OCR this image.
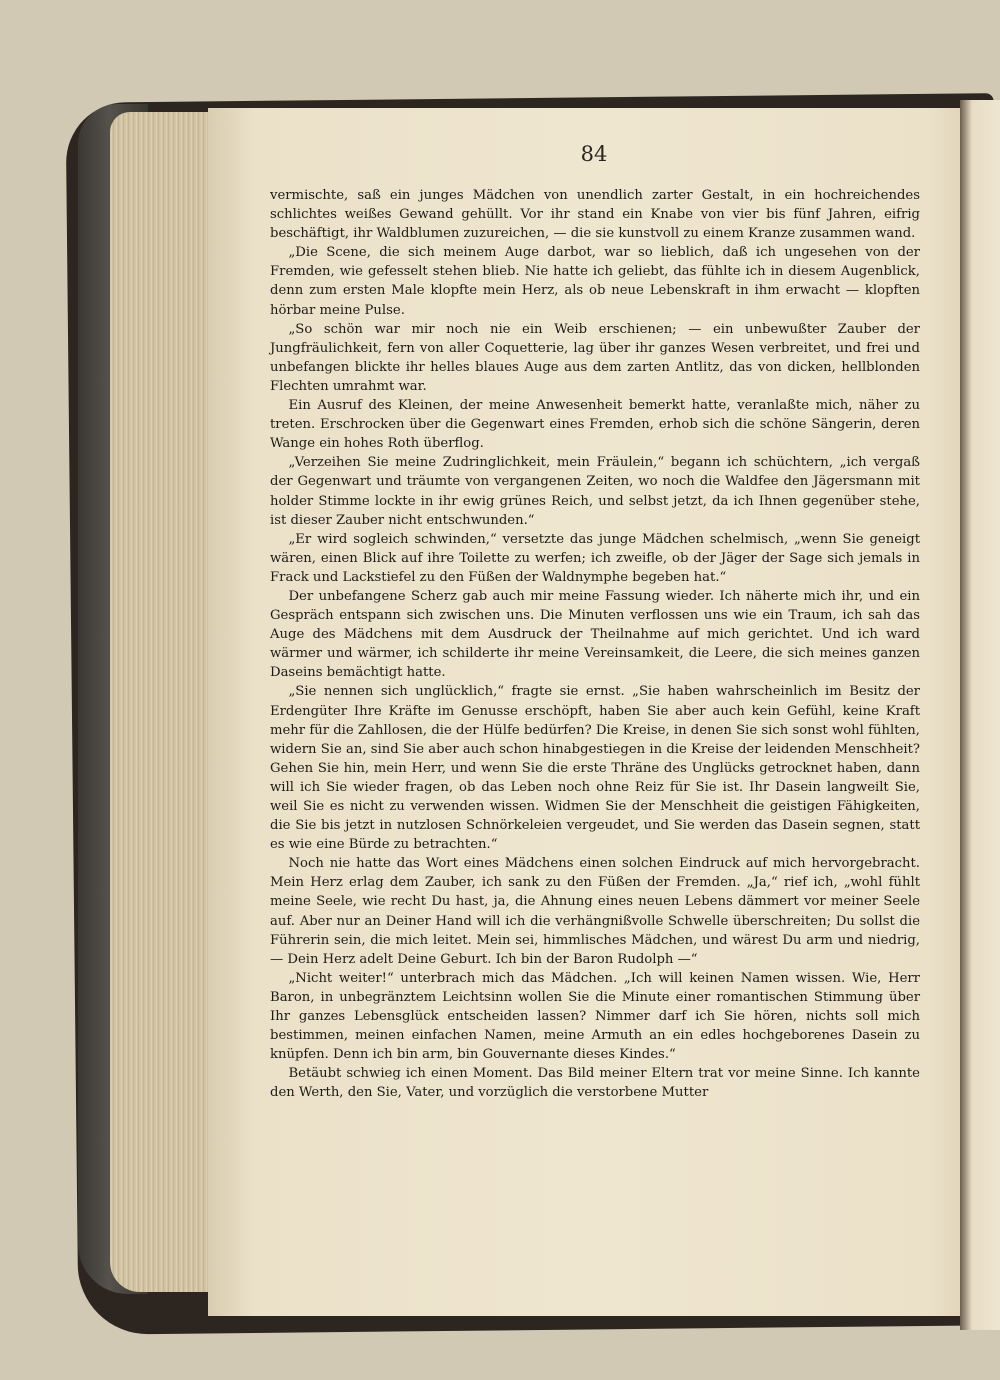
84

vermischte, saß ein junges Mädchen von unendlich zarter Gestalt, in ein hochreichendes schlichtes weißes Gewand gehüllt. Vor ihr stand ein Knabe von vier bis fünf Jahren, eifrig beschäftigt, ihr Waldblumen zuzureichen, — die sie kunstvoll zu einem Kranze zusammen wand.

„Die Scene, die sich meinem Auge darbot, war so lieblich, daß ich ungesehen von der Fremden, wie gefesselt stehen blieb. Nie hatte ich geliebt, das fühlte ich in diesem Augenblick, denn zum ersten Male klopfte mein Herz, als ob neue Lebenskraft in ihm erwacht — klopften hörbar meine Pulse.

„So schön war mir noch nie ein Weib erschienen; — ein unbewußter Zauber der Jungfräulichkeit, fern von aller Coquetterie, lag über ihr ganzes Wesen verbreitet, und frei und unbefangen blickte ihr helles blaues Auge aus dem zarten Antlitz, das von dicken, hellblonden Flechten umrahmt war.

Ein Ausruf des Kleinen, der meine Anwesenheit bemerkt hatte, veranlaßte mich, näher zu treten. Erschrocken über die Gegenwart eines Fremden, erhob sich die schöne Sängerin, deren Wange ein hohes Roth überflog.

„Verzeihen Sie meine Zudringlichkeit, mein Fräulein,“ begann ich schüchtern, „ich vergaß der Gegenwart und träumte von vergangenen Zeiten, wo noch die Waldfee den Jägersmann mit holder Stimme lockte in ihr ewig grünes Reich, und selbst jetzt, da ich Ihnen gegenüber stehe, ist dieser Zauber nicht entschwunden.“

„Er wird sogleich schwinden,“ versetzte das junge Mädchen schelmisch, „wenn Sie geneigt wären, einen Blick auf ihre Toilette zu werfen; ich zweifle, ob der Jäger der Sage sich jemals in Frack und Lackstiefel zu den Füßen der Waldnymphe begeben hat.“

Der unbefangene Scherz gab auch mir meine Fassung wieder. Ich näherte mich ihr, und ein Gespräch entspann sich zwischen uns. Die Minuten verflossen uns wie ein Traum, ich sah das Auge des Mädchens mit dem Ausdruck der Theilnahme auf mich gerichtet. Und ich ward wärmer und wärmer, ich schilderte ihr meine Vereinsamkeit, die Leere, die sich meines ganzen Daseins bemächtigt hatte.

„Sie nennen sich unglücklich,“ fragte sie ernst. „Sie haben wahrscheinlich im Besitz der Erdengüter Ihre Kräfte im Genusse erschöpft, haben Sie aber auch kein Gefühl, keine Kraft mehr für die Zahllosen, die der Hülfe bedürfen? Die Kreise, in denen Sie sich sonst wohl fühlten, widern Sie an, sind Sie aber auch schon hinabgestiegen in die Kreise der leidenden Menschheit? Gehen Sie hin, mein Herr, und wenn Sie die erste Thräne des Unglücks getrocknet haben, dann will ich Sie wieder fragen, ob das Leben noch ohne Reiz für Sie ist. Ihr Dasein langweilt Sie, weil Sie es nicht zu verwenden wissen. Widmen Sie der Menschheit die geistigen Fähigkeiten, die Sie bis jetzt in nutzlosen Schnörkeleien vergeudet, und Sie werden das Dasein segnen, statt es wie eine Bürde zu betrachten.“

Noch nie hatte das Wort eines Mädchens einen solchen Eindruck auf mich hervorgebracht. Mein Herz erlag dem Zauber, ich sank zu den Füßen der Fremden. „Ja,“ rief ich, „wohl fühlt meine Seele, wie recht Du hast, ja, die Ahnung eines neuen Lebens dämmert vor meiner Seele auf. Aber nur an Deiner Hand will ich die verhängnißvolle Schwelle überschreiten; Du sollst die Führerin sein, die mich leitet. Mein sei, himmlisches Mädchen, und wärest Du arm und niedrig, — Dein Herz adelt Deine Geburt. Ich bin der Baron Rudolph —“

„Nicht weiter!“ unterbrach mich das Mädchen. „Ich will keinen Namen wissen. Wie, Herr Baron, in unbegränztem Leichtsinn wollen Sie die Minute einer romantischen Stimmung über Ihr ganzes Lebensglück entscheiden lassen? Nimmer darf ich Sie hören, nichts soll mich bestimmen, meinen einfachen Namen, meine Armuth an ein edles hochgeborenes Dasein zu knüpfen. Denn ich bin arm, bin Gouvernante dieses Kindes.“

Betäubt schwieg ich einen Moment. Das Bild meiner Eltern trat vor meine Sinne. Ich kannte den Werth, den Sie, Vater, und vorzüglich die verstorbene Mutter
